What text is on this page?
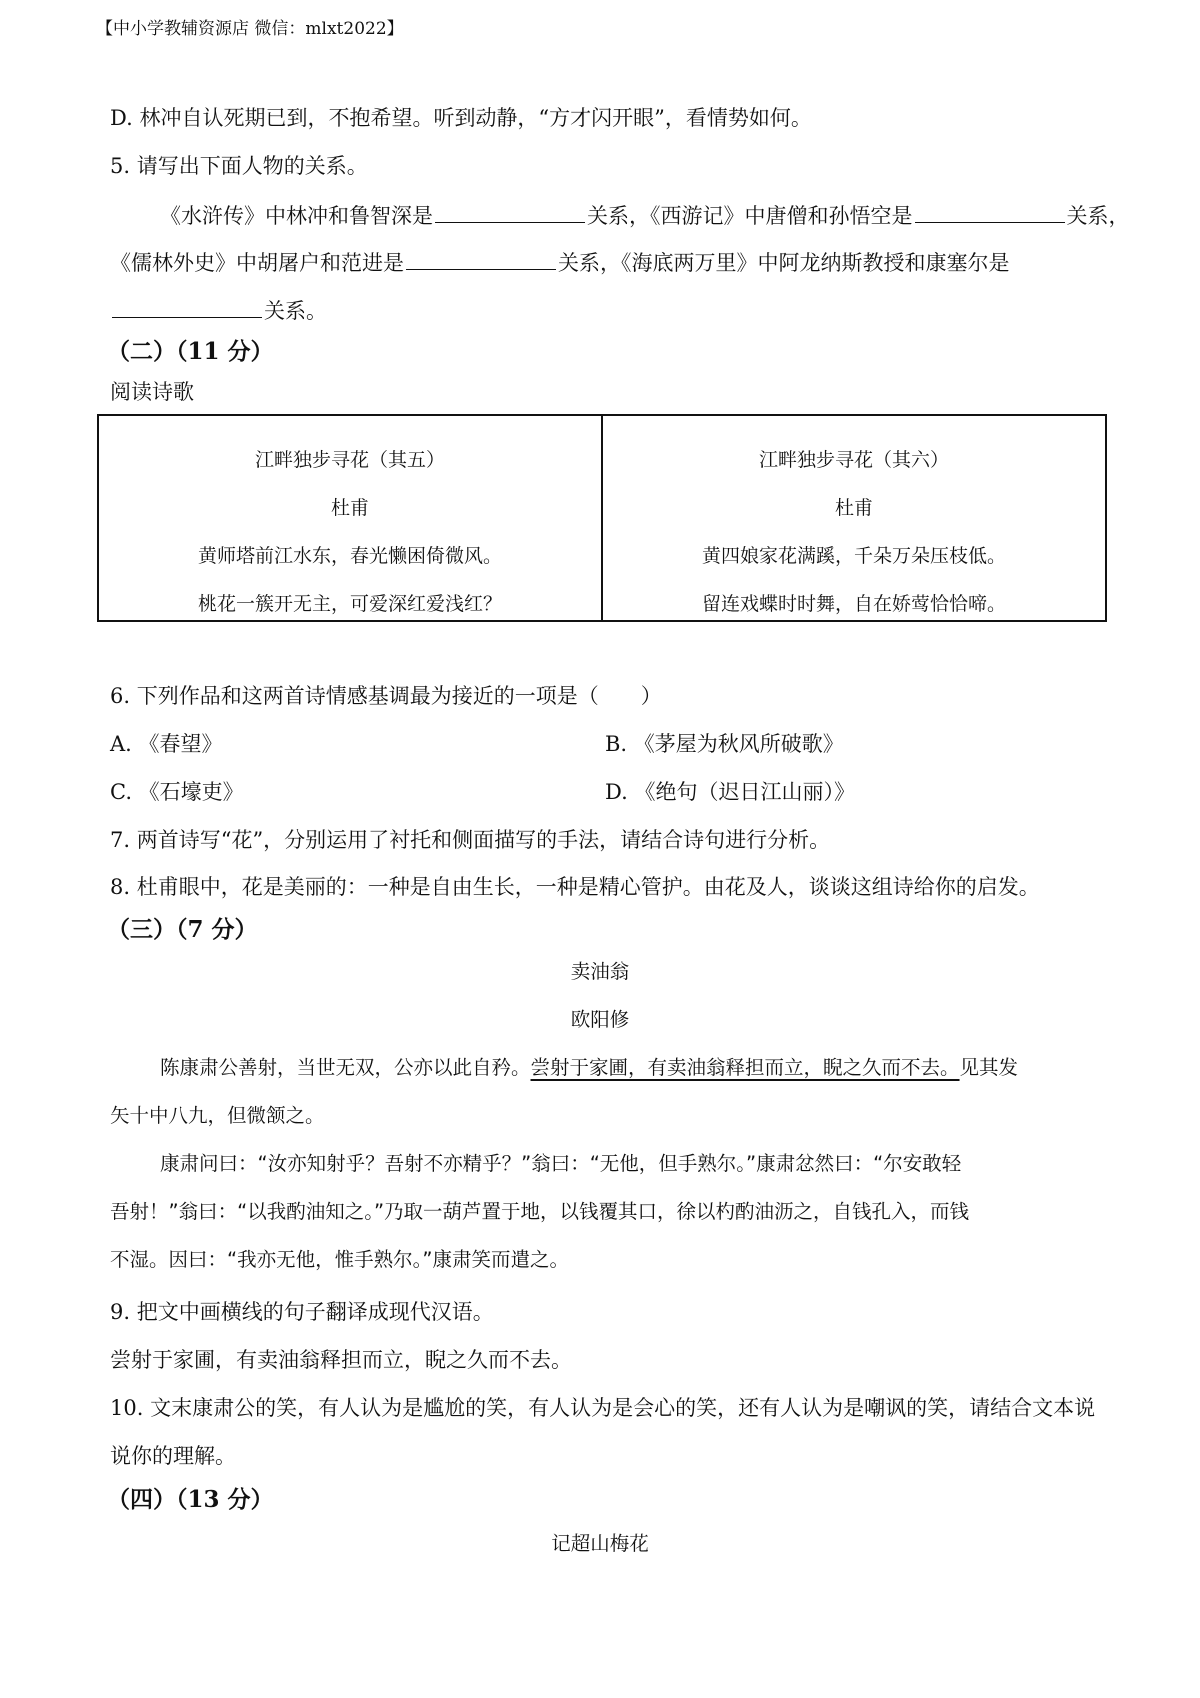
【中小学教辅资源店 微信：mlxt2022】
D. 林冲自认死期已到，不抱希望。听到动静，“方才闪开眼”，看情势如何。
5. 请写出下面人物的关系。
《水浒传》中林冲和鲁智深是	关系，《西游记》中唐僧和孙悟空是	关系，
《儒林外史》中胡屠户和范进是	关系，《海底两万里》中阿龙纳斯教授和康塞尔是
关系。
（二）（11 分）
阅读诗歌
江畔独步寻花（其五）
杜甫
黄师塔前江水东，春光懒困倚微风。
桃花一簇开无主，可爱深红爱浅红？
江畔独步寻花（其六）
杜甫
黄四娘家花满蹊，千朵万朵压枝低。
留连戏蝶时时舞，自在娇莺恰恰啼。
6. 下列作品和这两首诗情感基调最为接近的一项是（　　）
A. 《春望》	B. 《茅屋为秋风所破歌》
C. 《石壕吏》	D. 《绝句（迟日江山丽）》
7. 两首诗写“花”，分别运用了衬托和侧面描写的手法，请结合诗句进行分析。
8. 杜甫眼中，花是美丽的：一种是自由生长，一种是精心管护。由花及人，谈谈这组诗给你的启发。
（三）（7 分）
卖油翁
欧阳修
陈康肃公善射，当世无双，公亦以此自矜。尝射于家圃，有卖油翁释担而立，睨之久而不去。见其发
矢十中八九，但微颔之。
康肃问曰：“汝亦知射乎？吾射不亦精乎？”翁曰：“无他，但手熟尔。”康肃忿然曰：“尔安敢轻
吾射！”翁曰：“以我酌油知之。”乃取一葫芦置于地，以钱覆其口，徐以杓酌油沥之，自钱孔入，而钱
不湿。因曰：“我亦无他，惟手熟尔。”康肃笑而遣之。
9. 把文中画横线的句子翻译成现代汉语。
尝射于家圃，有卖油翁释担而立，睨之久而不去。
10. 文末康肃公的笑，有人认为是尴尬的笑，有人认为是会心的笑，还有人认为是嘲讽的笑，请结合文本说
说你的理解。
（四）（13 分）
记超山梅花
